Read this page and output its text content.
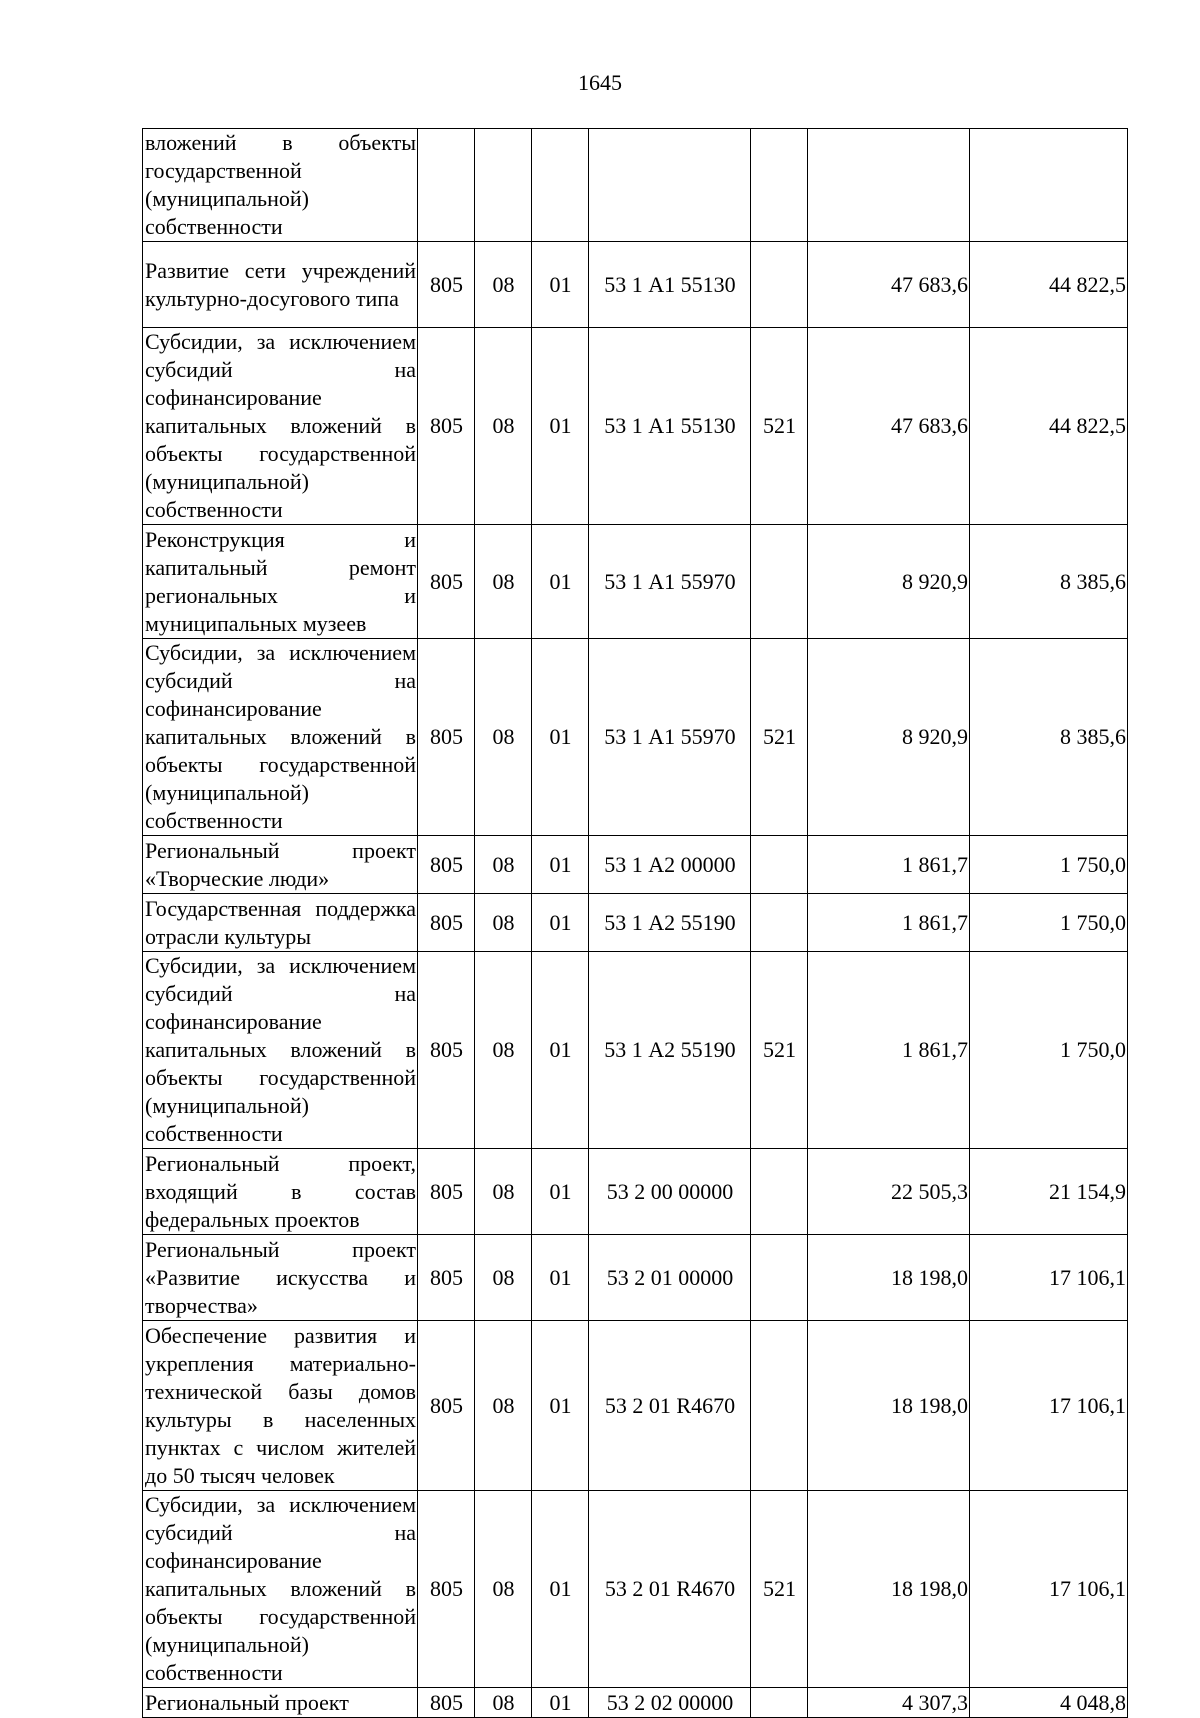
1645
вложений в объекты государственной (муниципальной) собственности							
Развитие сети учреждений культурно-досугового типа	805	08	01	53 1 А1 55130		47 683,6	44 822,5
Субсидии, за исключением субсидий на софинансирование капитальных вложений в объекты государственной (муниципальной) собственности	805	08	01	53 1 А1 55130	521	47 683,6	44 822,5
Реконструкция и капитальный ремонт региональных и муниципальных музеев	805	08	01	53 1 А1 55970		8 920,9	8 385,6
Субсидии, за исключением субсидий на софинансирование капитальных вложений в объекты государственной (муниципальной) собственности	805	08	01	53 1 А1 55970	521	8 920,9	8 385,6
Региональный проект «Творческие люди»	805	08	01	53 1 А2 00000		1 861,7	1 750,0
Государственная поддержка отрасли культуры	805	08	01	53 1 А2 55190		1 861,7	1 750,0
Субсидии, за исключением субсидий на софинансирование капитальных вложений в объекты государственной (муниципальной) собственности	805	08	01	53 1 А2 55190	521	1 861,7	1 750,0
Региональный проект, входящий в состав федеральных проектов	805	08	01	53 2 00 00000		22 505,3	21 154,9
Региональный проект «Развитие искусства и творчества»	805	08	01	53 2 01 00000		18 198,0	17 106,1
Обеспечение развития и укрепления материально-технической базы домов культуры в населенных пунктах с числом жителей до 50 тысяч человек	805	08	01	53 2 01 R4670		18 198,0	17 106,1
Субсидии, за исключением субсидий на софинансирование капитальных вложений в объекты государственной (муниципальной) собственности	805	08	01	53 2 01 R4670	521	18 198,0	17 106,1
Региональный проект	805	08	01	53 2 02 00000		4 307,3	4 048,8
